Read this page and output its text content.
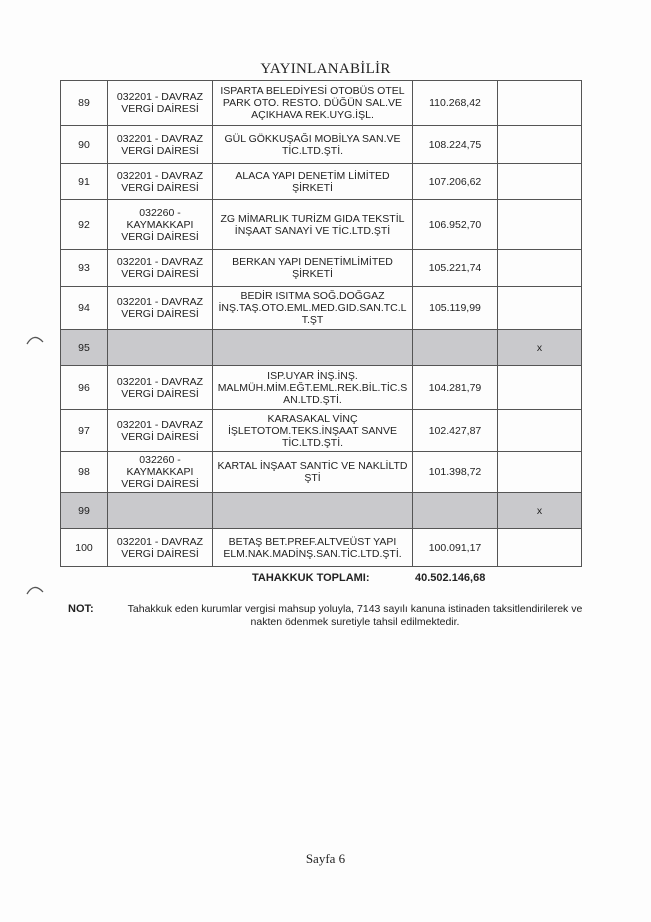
YAYINLANABİLİR
89	032201 - DAVRAZ VERGİ DAİRESİ	ISPARTA BELEDİYESİ OTOBÜS OTEL PARK OTO. RESTO. DÜĞÜN SAL.VE AÇIKHAVA REK.UYG.İŞL.	110.268,42	
90	032201 - DAVRAZ VERGİ DAİRESİ	GÜL GÖKKUŞAĞI MOBİLYA SAN.VE TİC.LTD.ŞTİ.	108.224,75	
91	032201 - DAVRAZ VERGİ DAİRESİ	ALACA YAPI DENETİM LİMİTED ŞİRKETİ	107.206,62	
92	032260 - KAYMAKKAPI VERGİ DAİRESİ	ZG MİMARLIK TURİZM GIDA TEKSTİL İNŞAAT SANAYİ VE TİC.LTD.ŞTİ	106.952,70	
93	032201 - DAVRAZ VERGİ DAİRESİ	BERKAN YAPI DENETİMLİMİTED ŞİRKETİ	105.221,74	
94	032201 - DAVRAZ VERGİ DAİRESİ	BEDİR ISITMA SOĞ.DOĞGAZ İNŞ.TAŞ.OTO.EML.MED.GID.SAN.TC.L T.ŞT	105.119,99	
95				x
96	032201 - DAVRAZ VERGİ DAİRESİ	ISP.UYAR İNŞ.İNŞ. MALMÜH.MİM.EĞT.EML.REK.BİL.TİC.S AN.LTD.ŞTİ.	104.281,79	
97	032201 - DAVRAZ VERGİ DAİRESİ	KARASAKAL VİNÇ İŞLETOTOM.TEKS.İNŞAAT SANVE TİC.LTD.ŞTİ.	102.427,87	
98	032260 - KAYMAKKAPI VERGİ DAİRESİ	KARTAL İNŞAAT SANTİC VE NAKLİLTD ŞTİ	101.398,72	
99				x
100	032201 - DAVRAZ VERGİ DAİRESİ	BETAŞ BET.PREF.ALTVEÜST YAPI ELM.NAK.MADİNŞ.SAN.TİC.LTD.ŞTİ.	100.091,17	
TAHAKKUK TOPLAMI:	40.502.146,68
NOT:	Tahakkuk eden kurumlar vergisi mahsup yoluyla, 7143 sayılı kanuna istinaden taksitlendirilerek ve nakten ödenmek suretiyle tahsil edilmektedir.
Sayfa 6
